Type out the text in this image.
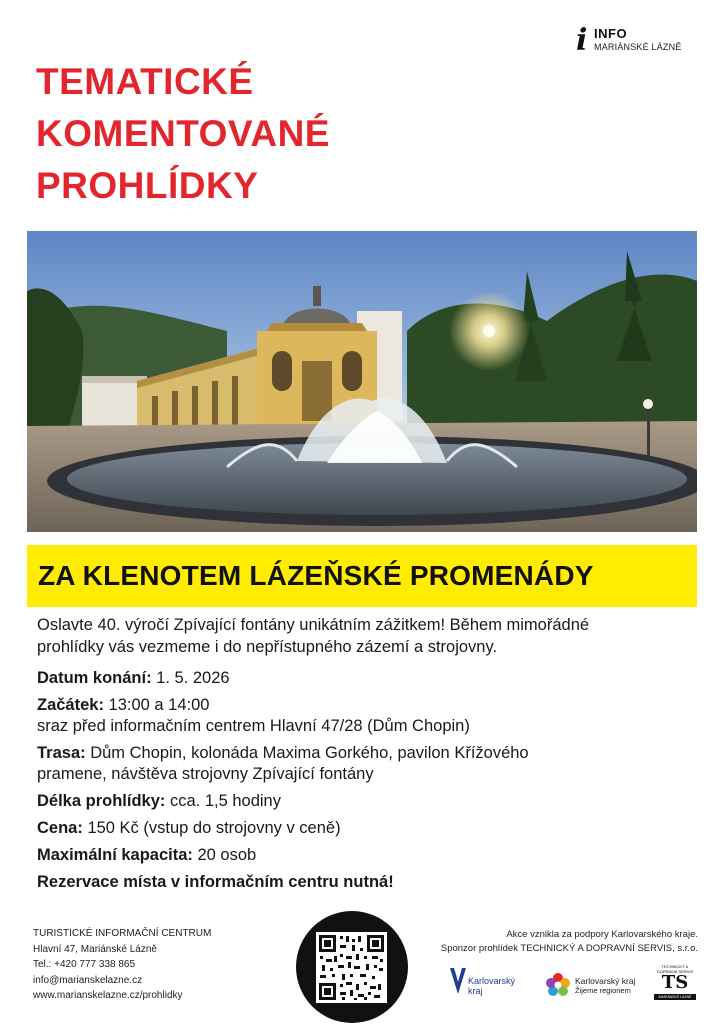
i INFO
MARIÁNSKÉ LÁZNĚ
TEMATICKÉ
KOMENTOVANÉ
PROHLÍDKY
ZA KLENOTEM LÁZEŇSKÉ PROMENÁDY
Oslavte 40. výročí Zpívající fontány unikátním zážitkem! Během mimořádné
prohlídky vás vezmeme i do nepřístupného zázemí a strojovny.
Datum konání: 1. 5. 2026
Začátek: 13:00 a 14:00
sraz před informačním centrem Hlavní 47/28 (Dům Chopin)
Trasa: Dům Chopin, kolonáda Maxima Gorkého, pavilon Křížového
pramene, návštěva strojovny Zpívající fontány
Délka prohlídky: cca. 1,5 hodiny
Cena: 150 Kč (vstup do strojovny v ceně)
Maximální kapacita: 20 osob
Rezervace místa v informačním centru nutná!
TURISTICKÉ INFORMAČNÍ CENTRUM
Hlavní 47, Mariánské Lázně
Tel.: +420 777 338 865
info@marianskelazne.cz
www.marianskelazne.cz/prohlidky
Akce vznikla za podpory Karlovarského kraje.
Sponzor prohlídek TECHNICKÝ A DOPRAVNÍ SERVIS, s.r.o.
Karlovarský
kraj
Karlovarský kraj
Žijeme regionem
TECHNICKÝ A DOPRAVNÍ SERVIS
TS
MARIÁNSKÉ LÁZNĚ
